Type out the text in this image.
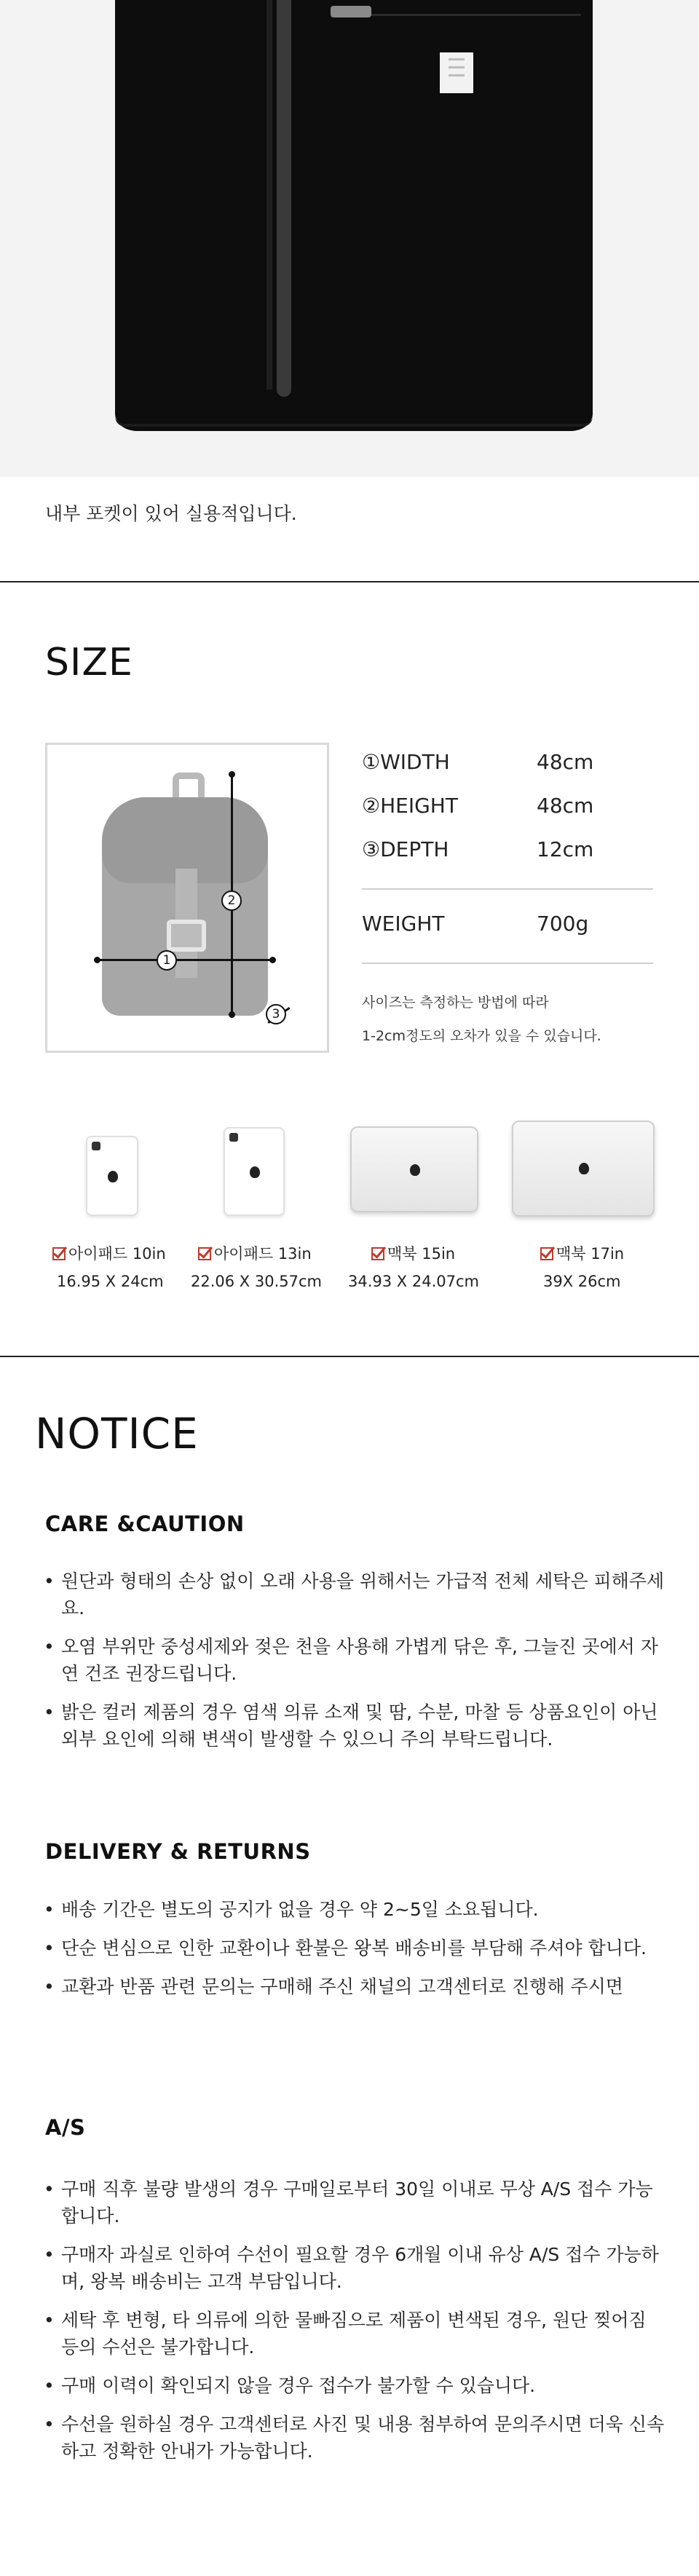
내부 포켓이 있어 실용적입니다.
SIZE
1
2
3
①WIDTH	48cm
②HEIGHT	48cm
③DEPTH	12cm
WEIGHT	700g
사이즈는 측정하는 방법에 따라
1-2cm정도의 오차가 있을 수 있습니다.
아이패드 10in
16.95 X 24cm
아이패드 13in
22.06 X 30.57cm
맥북 15in
34.93 X 24.07cm
맥북 17in
39X 26cm
NOTICE
CARE &CAUTION
• 원단과 형태의 손상 없이 오래 사용을 위해서는 가급적 전체 세탁은 피해주세요.
• 오염 부위만 중성세제와 젖은 천을 사용해 가볍게 닦은 후, 그늘진 곳에서 자연 건조 권장드립니다.
• 밝은 컬러 제품의 경우 염색 의류 소재 및 땀, 수분, 마찰 등 상품요인이 아닌 외부 요인에 의해 변색이 발생할 수 있으니 주의 부탁드립니다.
DELIVERY & RETURNS
• 배송 기간은 별도의 공지가 없을 경우 약 2~5일 소요됩니다.
• 단순 변심으로 인한 교환이나 환불은 왕복 배송비를 부담해 주셔야 합니다.
• 교환과 반품 관련 문의는 구매해 주신 채널의 고객센터로 진행해 주시면
A/S
• 구매 직후 불량 발생의 경우 구매일로부터 30일 이내로 무상 A/S 접수 가능합니다.
• 구매자 과실로 인하여 수선이 필요할 경우 6개월 이내 유상 A/S 접수 가능하며, 왕복 배송비는 고객 부담입니다.
• 세탁 후 변형, 타 의류에 의한 물빠짐으로 제품이 변색된 경우, 원단 찢어짐 등의 수선은 불가합니다.
• 구매 이력이 확인되지 않을 경우 접수가 불가할 수 있습니다.
• 수선을 원하실 경우 고객센터로 사진 및 내용 첨부하여 문의주시면 더욱 신속하고 정확한 안내가 가능합니다.
